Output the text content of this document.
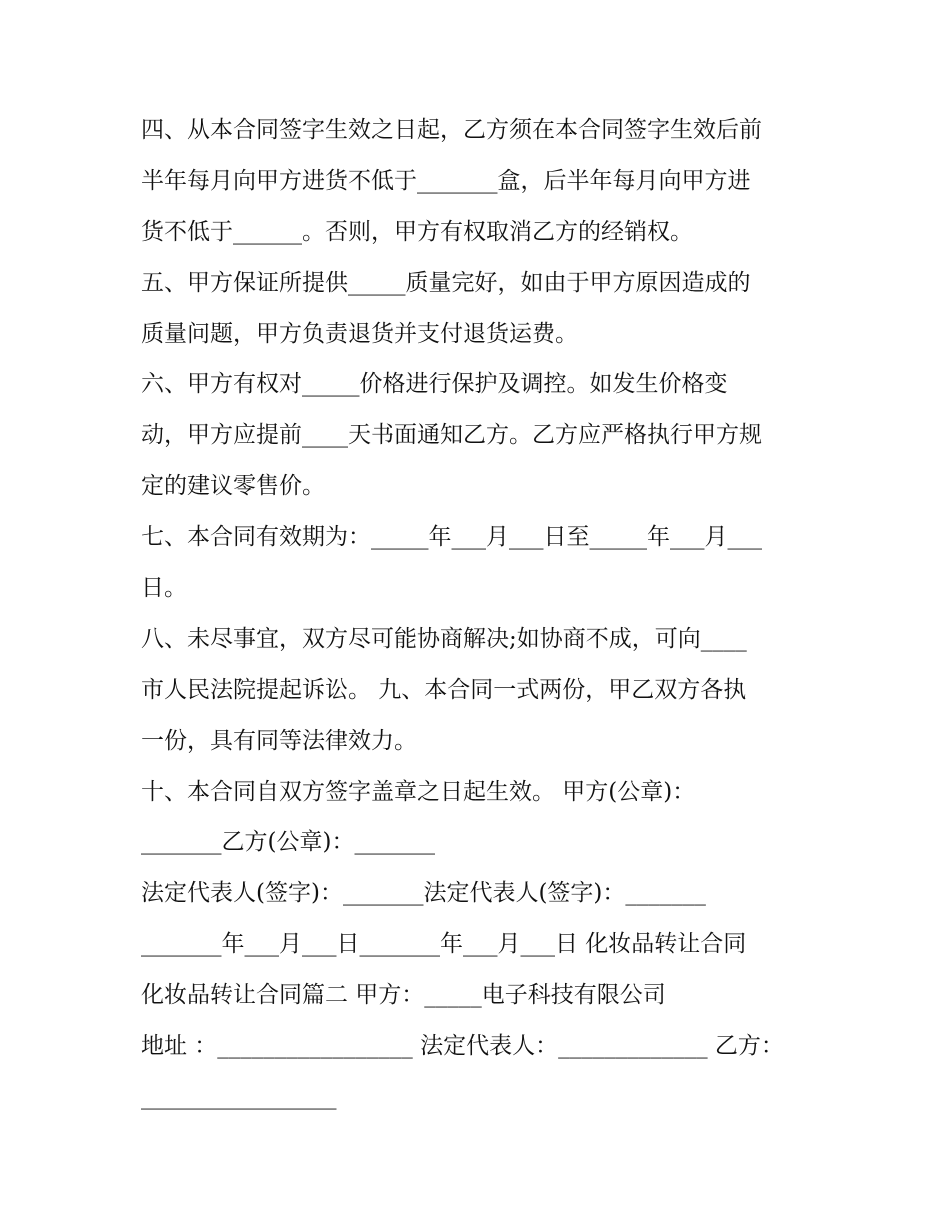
四、从本合同签字生效之日起，乙方须在本合同签字生效后前
半年每月向甲方进货不低于_______盒，后半年每月向甲方进
货不低于______。否则，甲方有权取消乙方的经销权。
五、甲方保证所提供_____质量完好，如由于甲方原因造成的
质量问题，甲方负责退货并支付退货运费。
六、甲方有权对_____价格进行保护及调控。如发生价格变
动，甲方应提前____天书面通知乙方。乙方应严格执行甲方规
定的建议零售价。
七、本合同有效期为：_____年___月___日至_____年___月___
日。
八、未尽事宜，双方尽可能协商解决;如协商不成，可向____
市人民法院提起诉讼。 九、本合同一式两份，甲乙双方各执
一份，具有同等法律效力。
十、本合同自双方签字盖章之日起生效。 甲方(公章)：
_______乙方(公章)：_______
法定代表人(签字)：_______法定代表人(签字)：_______
_______年___月___日_______年___月___日 化妆品转让合同
化妆品转让合同篇二 甲方：_____电子科技有限公司
地址 ：_________________ 法定代表人：_____________ 乙方：
_________________
